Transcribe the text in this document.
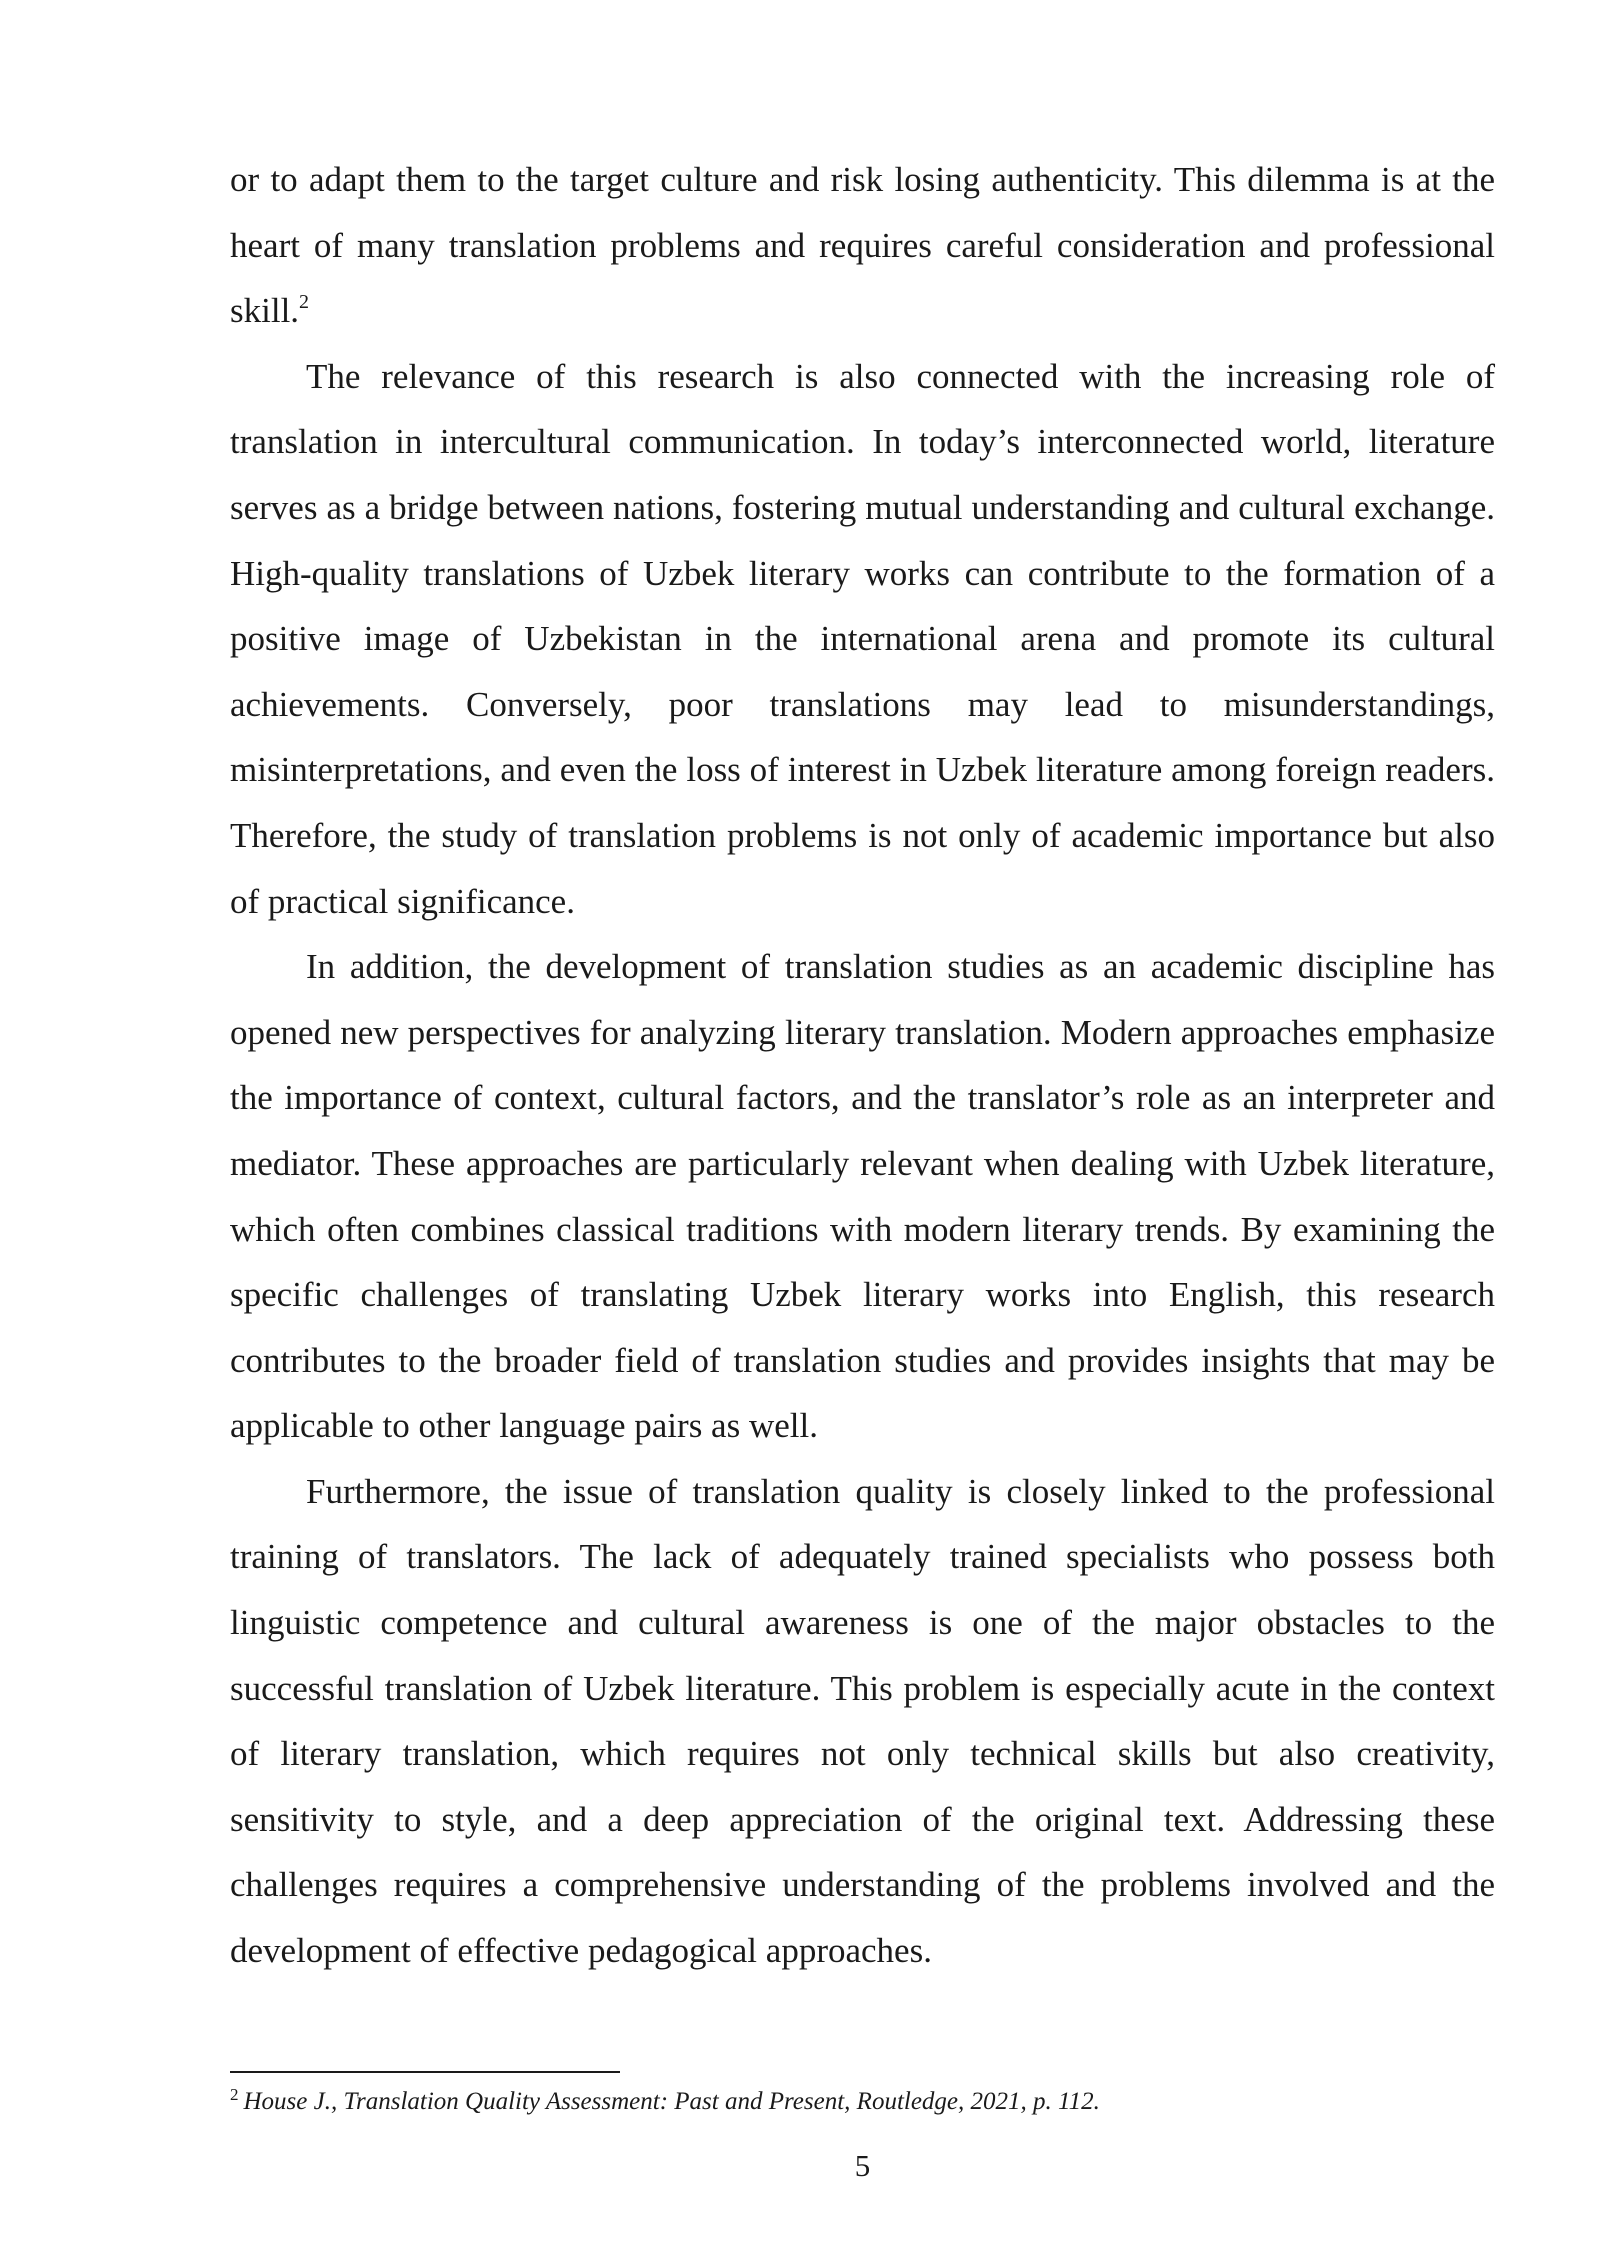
or to adapt them to the target culture and risk losing authenticity. This dilemma is at the heart of many translation problems and requires careful consideration and professional skill.$^2$

The relevance of this research is also connected with the increasing role of translation in intercultural communication. In today’s interconnected world, literature serves as a bridge between nations, fostering mutual understanding and cultural exchange. High-quality translations of Uzbek literary works can contribute to the formation of a positive image of Uzbekistan in the international arena and promote its cultural achievements. Conversely, poor translations may lead to misunderstandings, misinterpretations, and even the loss of interest in Uzbek literature among foreign readers. Therefore, the study of translation problems is not only of academic importance but also of practical significance.

In addition, the development of translation studies as an academic discipline has opened new perspectives for analyzing literary translation. Modern approaches emphasize the importance of context, cultural factors, and the translator’s role as an interpreter and mediator. These approaches are particularly relevant when dealing with Uzbek literature, which often combines classical traditions with modern literary trends. By examining the specific challenges of translating Uzbek literary works into English, this research contributes to the broader field of translation studies and provides insights that may be applicable to other language pairs as well.

Furthermore, the issue of translation quality is closely linked to the professional training of translators. The lack of adequately trained specialists who possess both linguistic competence and cultural awareness is one of the major obstacles to the successful translation of Uzbek literature. This problem is especially acute in the context of literary translation, which requires not only technical skills but also creativity, sensitivity to style, and a deep appreciation of the original text. Addressing these challenges requires a comprehensive understanding of the problems involved and the development of effective pedagogical approaches.

$^2$ House J., Translation Quality Assessment: Past and Present, Routledge, 2021, p. 112.

5
